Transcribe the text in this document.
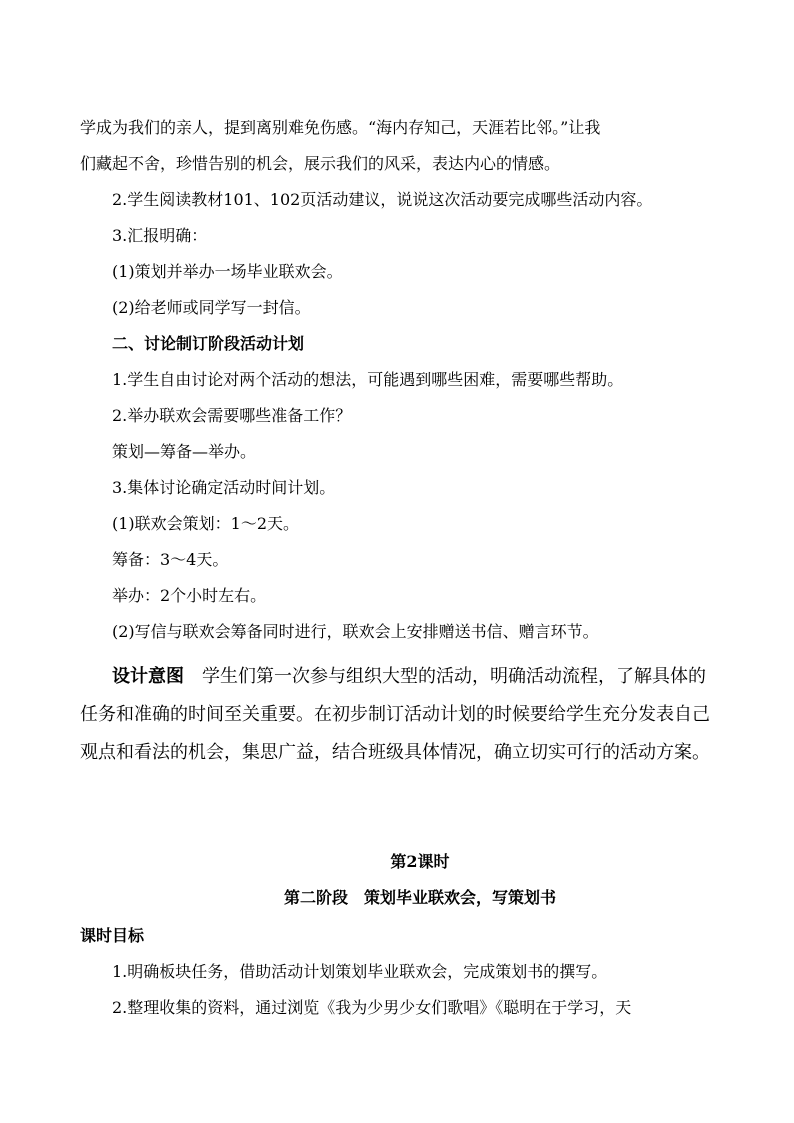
学成为我们的亲人，提到离别难免伤感。“海内存知己，天涯若比邻。”让我
们藏起不舍，珍惜告别的机会，展示我们的风采，表达内心的情感。
2.学生阅读教材101、102页活动建议，说说这次活动要完成哪些活动内容。
3.汇报明确：
(1)策划并举办一场毕业联欢会。
(2)给老师或同学写一封信。
二、讨论制订阶段活动计划
1.学生自由讨论对两个活动的想法，可能遇到哪些困难，需要哪些帮助。
2.举办联欢会需要哪些准备工作？
策划—筹备—举办。
3.集体讨论确定活动时间计划。
(1)联欢会策划：1～2天。
筹备：3～4天。
举办：2个小时左右。
(2)写信与联欢会筹备同时进行，联欢会上安排赠送书信、赠言环节。
设计意图　 学生们第一次参与组织大型的活动，明确活动流程，了解具体的任务和准确的时间至关重要。在初步制订活动计划的时候要给学生充分发表自己观点和看法的机会，集思广益，结合班级具体情况，确立切实可行的活动方案。
第2课时
第二阶段　策划毕业联欢会，写策划书
课时目标
1.明确板块任务，借助活动计划策划毕业联欢会，完成策划书的撰写。
2.整理收集的资料，通过浏览《我为少男少女们歌唱》《聪明在于学习，天
